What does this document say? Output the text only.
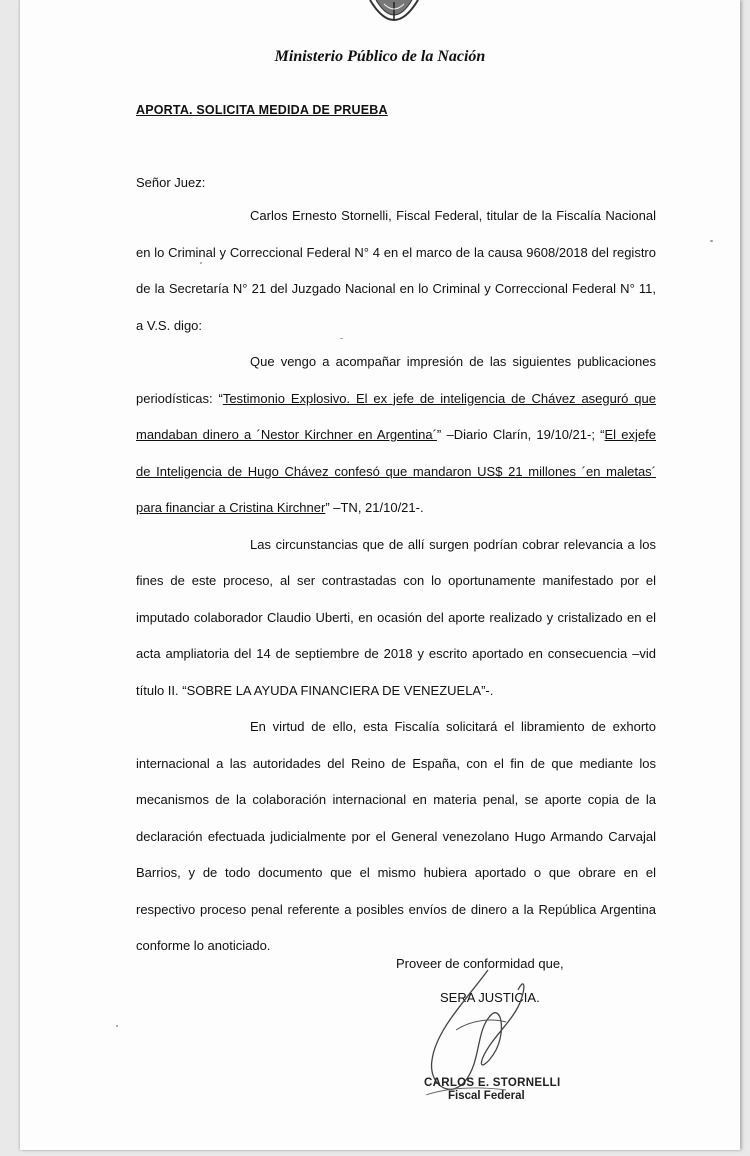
Ministerio Público de la Nación
APORTA. SOLICITA MEDIDA DE PRUEBA
Señor Juez:

Carlos Ernesto Stornelli, Fiscal Federal, titular de la Fiscalía Nacional en lo Criminal y Correccional Federal N° 4 en el marco de la causa 9608/2018 del registro de la Secretaría N° 21 del Juzgado Nacional en lo Criminal y Correccional Federal N° 11, a V.S. digo:

Que vengo a acompañar impresión de las siguientes publicaciones periodísticas: “Testimonio Explosivo. El ex jefe de inteligencia de Chávez aseguró que mandaban dinero a ´Nestor Kirchner en Argentina´” –Diario Clarín, 19/10/21-; “El exjefe de Inteligencia de Hugo Chávez confesó que mandaron US$ 21 millones ´en maletas´ para financiar a Cristina Kirchner” –TN, 21/10/21-.

Las circunstancias que de allí surgen podrían cobrar relevancia a los fines de este proceso, al ser contrastadas con lo oportunamente manifestado por el imputado colaborador Claudio Uberti, en ocasión del aporte realizado y cristalizado en el acta ampliatoria del 14 de septiembre de 2018 y escrito aportado en consecuencia –vid título II. “SOBRE LA AYUDA FINANCIERA DE VENEZUELA”-.

En virtud de ello, esta Fiscalía solicitará el libramiento de exhorto internacional a las autoridades del Reino de España, con el fin de que mediante los mecanismos de la colaboración internacional en materia penal, se aporte copia de la declaración efectuada judicialmente por el General venezolano Hugo Armando Carvajal Barrios, y de todo documento que el mismo hubiera aportado o que obrare en el respectivo proceso penal referente a posibles envíos de dinero a la República Argentina conforme lo anoticiado.

Proveer de conformidad que,
SERA JUSTICIA.
CARLOS E. STORNELLI
Fiscal Federal
